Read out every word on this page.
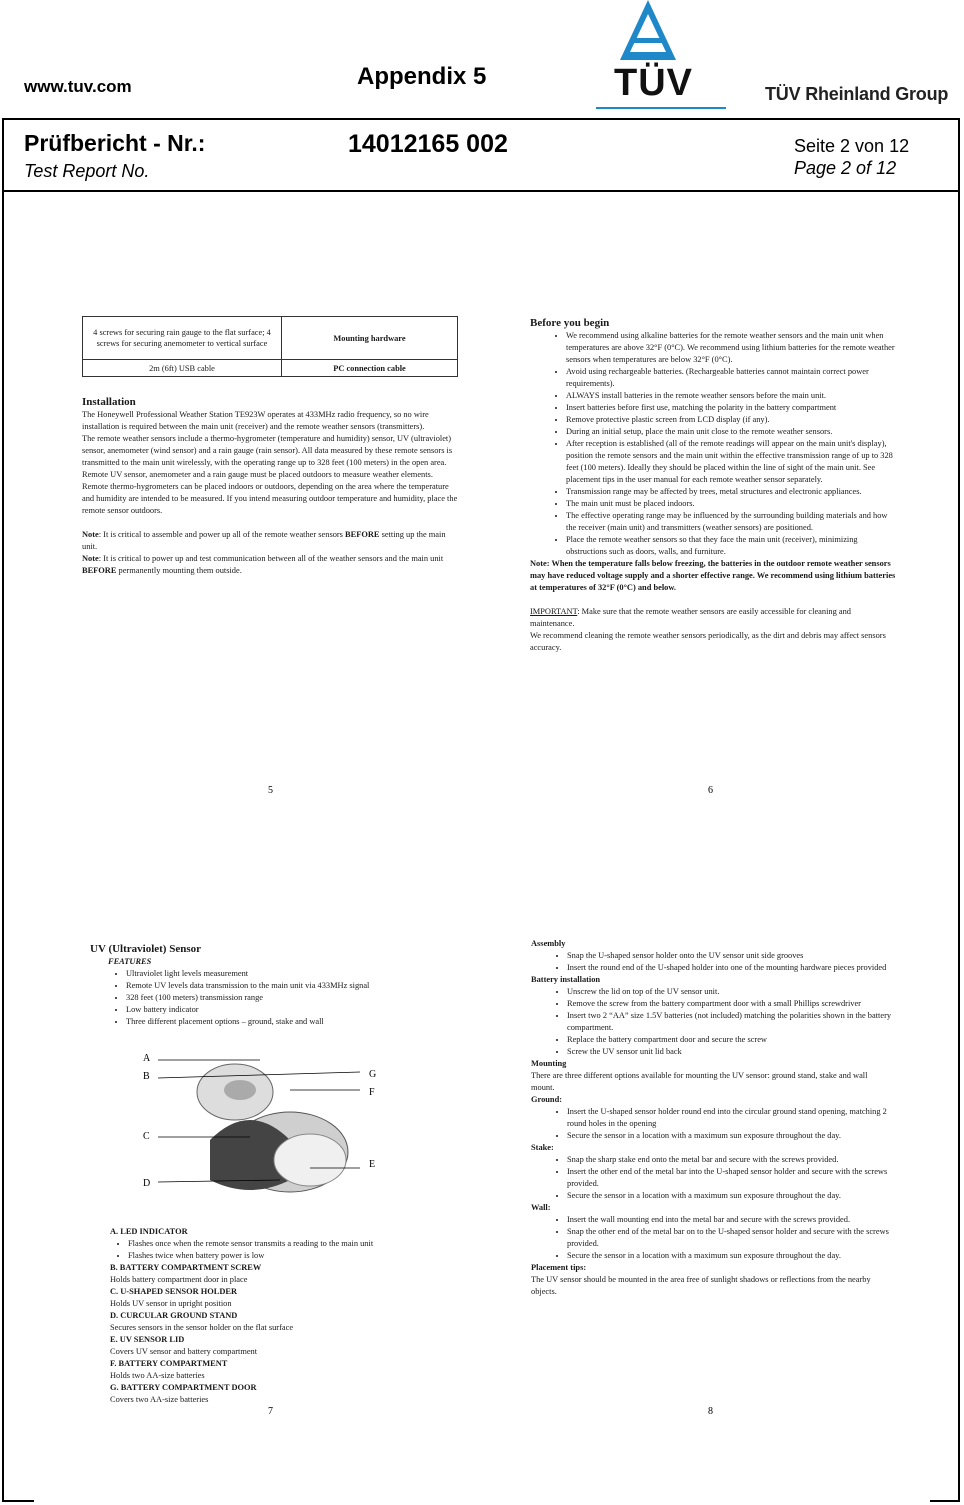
www.tuv.com	Appendix 5	TÜV	TÜV Rheinland Group
Prüfbericht - Nr.:
Test Report No.
14012165 002	Seite 2 von 12
Page 2 of 12
4 screws for securing rain gauge to the flat surface; 4 screws for securing anemometer to vertical surface	Mounting hardware
2m (6ft) USB cable	PC connection cable

Installation

The Honeywell Professional Weather Station TE923W operates at 433MHz radio frequency, so no wire installation is required between the main unit (receiver) and the remote weather sensors (transmitters).

The remote weather sensors include a thermo-hygrometer (temperature and humidity) sensor, UV (ultraviolet) sensor, anemometer (wind sensor) and a rain gauge (rain sensor). All data measured by these remote sensors is transmitted to the main unit wirelessly, with the operating range up to 328 feet (100 meters) in the open area.

Remote UV sensor, anemometer and a rain gauge must be placed outdoors to measure weather elements.

Remote thermo-hygrometers can be placed indoors or outdoors, depending on the area where the temperature and humidity are intended to be measured. If you intend measuring outdoor temperature and humidity, place the remote sensor outdoors.

Note: It is critical to assemble and power up all of the remote weather sensors BEFORE setting up the main unit.

Note: It is critical to power up and test communication between all of the weather sensors and the main unit BEFORE permanently mounting them outside.

5

Before you begin

• We recommend using alkaline batteries for the remote weather sensors and the main unit when temperatures are above 32°F (0°C). We recommend using lithium batteries for the remote weather sensors when temperatures are below 32°F (0°C).
• Avoid using rechargeable batteries. (Rechargeable batteries cannot maintain correct power requirements).
• ALWAYS install batteries in the remote weather sensors before the main unit.
• Insert batteries before first use, matching the polarity in the battery compartment
• Remove protective plastic screen from LCD display (if any).
• During an initial setup, place the main unit close to the remote weather sensors.
• After reception is established (all of the remote readings will appear on the main unit's display), position the remote sensors and the main unit within the effective transmission range of up to 328 feet (100 meters). Ideally they should be placed within the line of sight of the main unit. See placement tips in the user manual for each remote weather sensor separately.
• Transmission range may be affected by trees, metal structures and electronic appliances.
• The main unit must be placed indoors.
• The effective operating range may be influenced by the surrounding building materials and how the receiver (main unit) and transmitters (weather sensors) are positioned.
• Place the remote weather sensors so that they face the main unit (receiver), minimizing obstructions such as doors, walls, and furniture.

Note: When the temperature falls below freezing, the batteries in the outdoor remote weather sensors may have reduced voltage supply and a shorter effective range. We recommend using lithium batteries at temperatures of 32°F (0°C) and below.

IMPORTANT: Make sure that the remote weather sensors are easily accessible for cleaning and maintenance.

We recommend cleaning the remote weather sensors periodically, as the dirt and debris may affect sensors accuracy.

6

UV (Ultraviolet) Sensor

FEATURES

• Ultraviolet light levels measurement
• Remote UV levels data transmission to the main unit via 433MHz signal
• 328 feet (100 meters) transmission range
• Low battery indicator
• Three different placement options – ground, stake and wall
A
B
C
D
E
F
G

A. LED INDICATOR

• Flashes once when the remote sensor transmits a reading to the main unit
• Flashes twice when battery power is low

B. BATTERY COMPARTMENT SCREW

Holds battery compartment door in place

C. U-SHAPED SENSOR HOLDER

Holds UV sensor in upright position

D. CURCULAR GROUND STAND

Secures sensors in the sensor holder on the flat surface

E. UV SENSOR LID

Covers UV sensor and battery compartment

F. BATTERY COMPARTMENT

Holds two AA-size batteries

G. BATTERY COMPARTMENT DOOR

Covers two AA-size batteries

7

Assembly

• Snap the U-shaped sensor holder onto the UV sensor unit side grooves
• Insert the round end of the U-shaped holder into one of the mounting hardware pieces provided

Battery installation

• Unscrew the lid on top of the UV sensor unit.
• Remove the screw from the battery compartment door with a small Phillips screwdriver
• Insert two 2 “AA” size 1.5V batteries (not included) matching the polarities shown in the battery compartment.
• Replace the battery compartment door and secure the screw
• Screw the UV sensor unit lid back

Mounting

There are three different options available for mounting the UV sensor: ground stand, stake and wall mount.

Ground:

• Insert the U-shaped sensor holder round end into the circular ground stand opening, matching 2 round holes in the opening
• Secure the sensor in a location with a maximum sun exposure throughout the day.

Stake:

• Snap the sharp stake end onto the metal bar and secure with the screws provided.
• Insert the other end of the metal bar into the U-shaped sensor holder and secure with the screws provided.
• Secure the sensor in a location with a maximum sun exposure throughout the day.

Wall:

• Insert the wall mounting end into the metal bar and secure with the screws provided.
• Snap the other end of the metal bar on to the U-shaped sensor holder and secure with the screws provided.
• Secure the sensor in a location with a maximum sun exposure throughout the day.

Placement tips:

The UV sensor should be mounted in the area free of sunlight shadows or reflections from the nearby objects.

8
